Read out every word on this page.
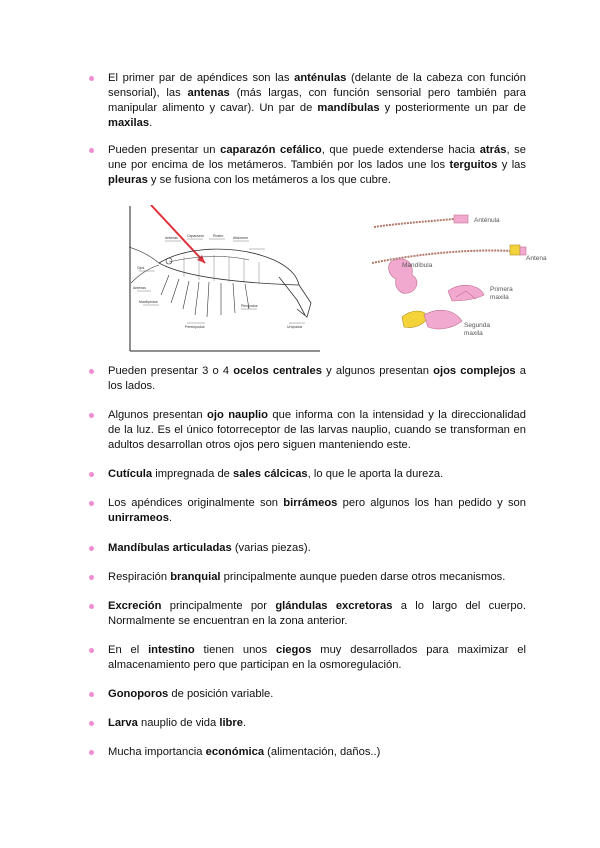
El primer par de apéndices son las anténulas (delante de la cabeza con función sensorial), las antenas (más largas, con función sensorial pero también para manipular alimento y cavar). Un par de mandíbulas y posteriormente un par de maxilas.
Pueden presentar un caparazón cefálico, que puede extenderse hacia atrás, se une por encima de los metámeros. También por los lados une los terguitos y las pleuras y se fusiona con los metámeros a los que cubre.
Antenas	Caparazón	Rostro	Abdomen
Ojos
Antenas
Maxilípedos
Pereiópodos
Pleópodos
Urópodos
Anténula
Antena
Mandíbula
Primera
maxila
Segunda
maxila
Pueden presentar 3 o 4 ocelos centrales y algunos presentan ojos complejos a los lados.
Algunos presentan ojo nauplio que informa con la intensidad y la direccionalidad de la luz. Es el único fotorreceptor de las larvas nauplio, cuando se transforman en adultos desarrollan otros ojos pero siguen manteniendo este.
Cutícula impregnada de sales cálcicas, lo que le aporta la dureza.
Los apéndices originalmente son birrámeos pero algunos los han pedido y son unirrameos.
Mandíbulas articuladas (varias piezas).
Respiración branquial principalmente aunque pueden darse otros mecanismos.
Excreción principalmente por glándulas excretoras a lo largo del cuerpo. Normalmente se encuentran en la zona anterior.
En el intestino tienen unos ciegos muy desarrollados para maximizar el almacenamiento pero que participan en la osmoregulación.
Gonoporos de posición variable.
Larva nauplio de vida libre.
Mucha importancia económica (alimentación, daños..)
